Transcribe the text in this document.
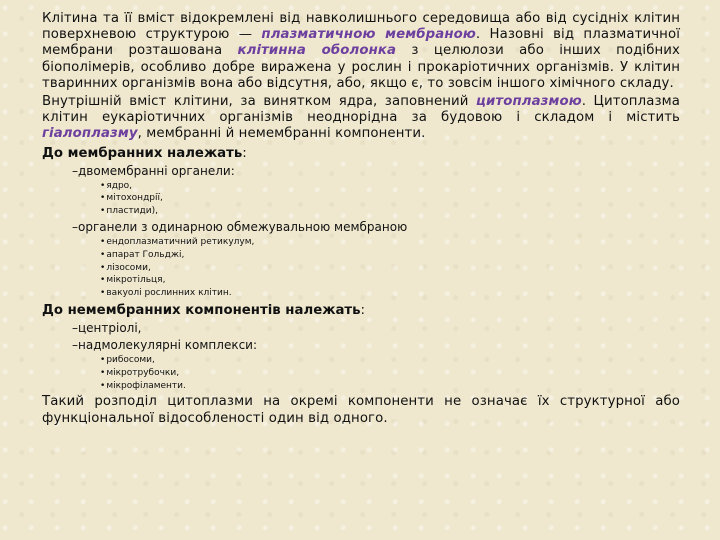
Клітина та її вміст відокремлені від навколишнього середовища або від сусідніх клітин поверхневою структурою — плазматичною мембраною. Назовні від плазматичної мембрани розташована клітинна оболонка з целюлози або інших подібних біополімерів, особливо добре виражена у рослин і прокаріотичних організмів. У клітин тваринних організмів вона або відсутня, або, якщо є, то зовсім іншого хімічного складу.

Внутрішній вміст клітини, за винятком ядра, заповнений цитоплазмою. Цитоплазма клітин еукаріотичних організмів неоднорідна за будовою і складом і містить гіалоплазму, мембранні й немембранні компоненти.

До мембранних належать:

–двомембранні органели:

• ядро,
• мітохондрії,
• пластиди),

–органели з одинарною обмежувальною мембраною

• ендоплазматичний ретикулум,
• апарат Гольджі,
• лізосоми,
• мікротільця,
• вакуолі рослинних клітин.

До немембранних компонентів належать:

–центріолі,

–надмолекулярні комплекси:

• рибосоми,
• мікротрубочки,
• мікрофіламенти.

Такий розподіл цитоплазми на окремі компоненти не означає їх структурної або функціональної відособленості один від одного.
